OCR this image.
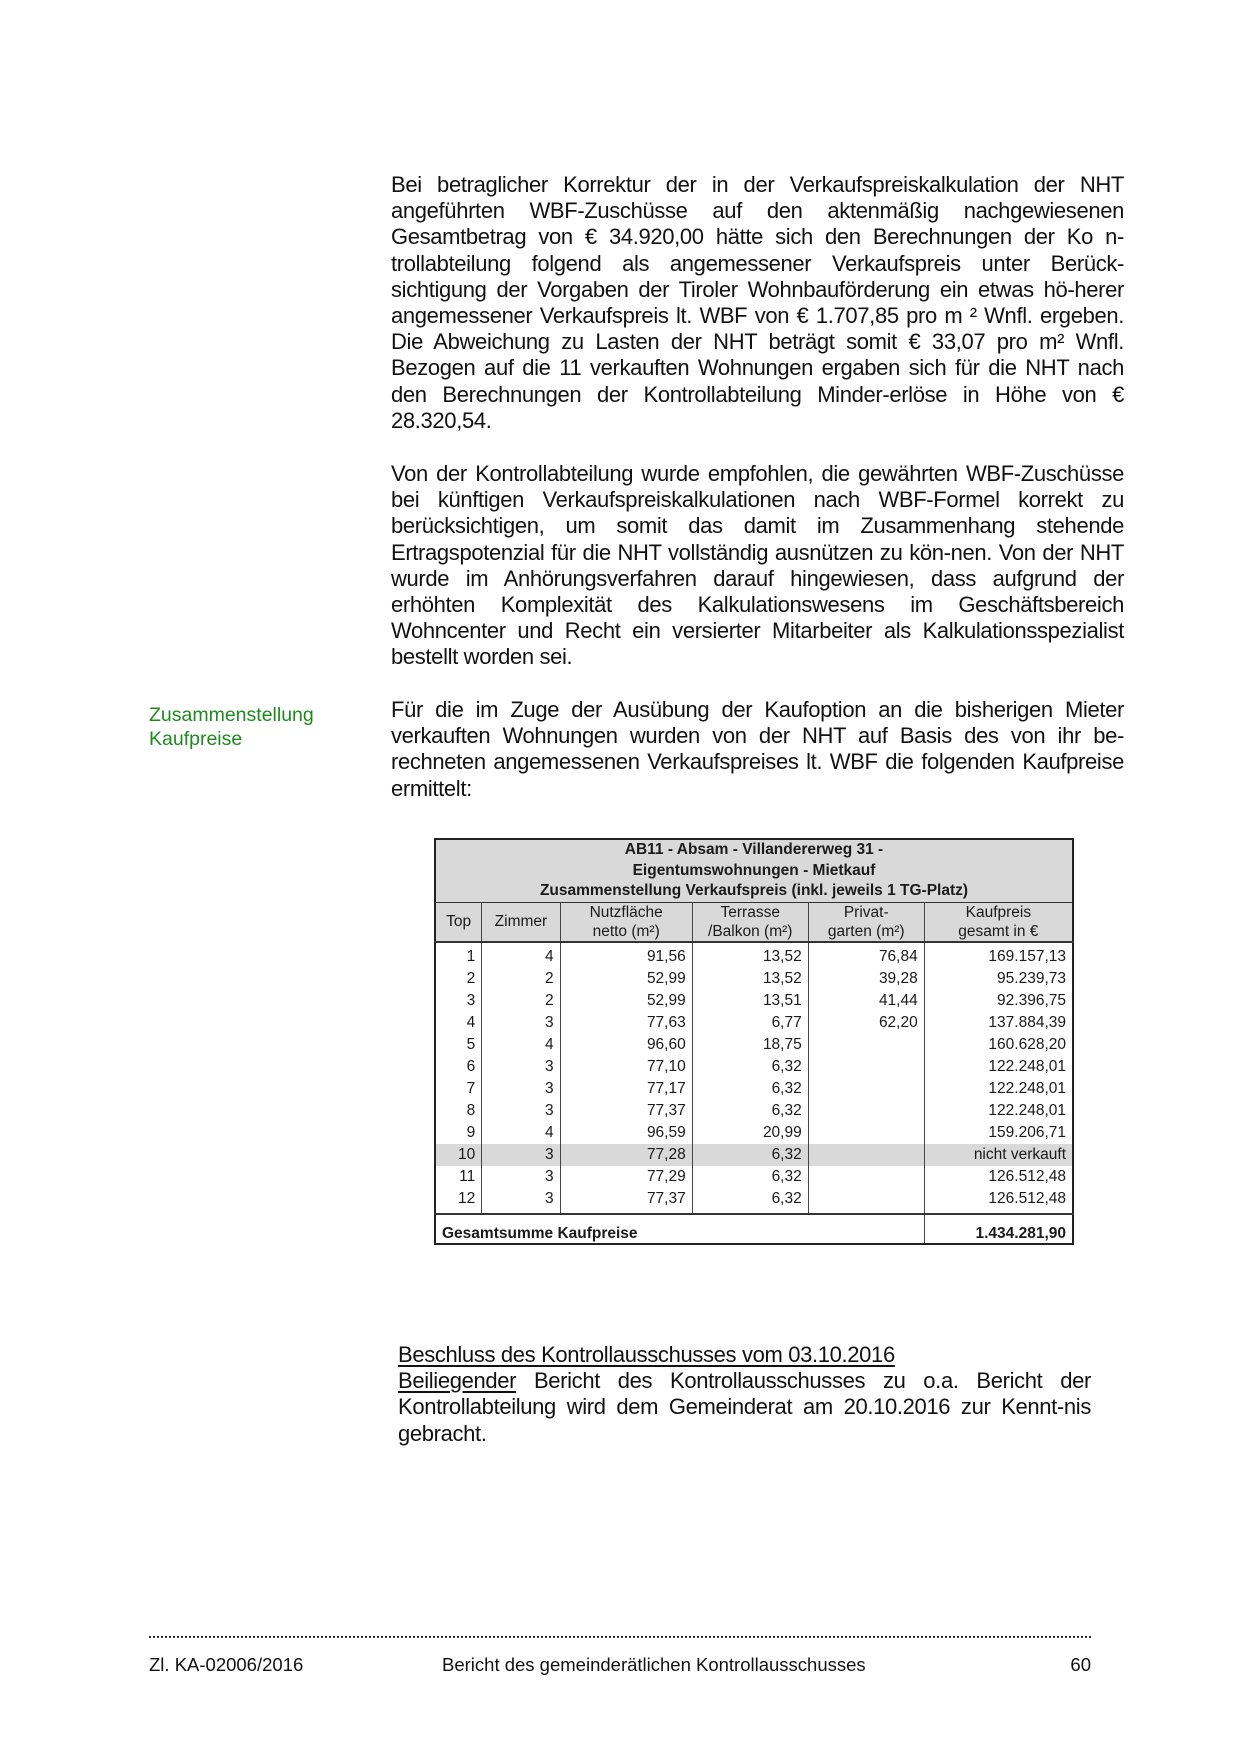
Bei betraglicher Korrektur der in der Verkaufspreiskalkulation der NHT angeführten WBF-Zuschüsse auf den aktenmäßig nachgewiesenen Gesamtbetrag von € 34.920,00 hätte sich den Berechnungen der Ko n-trollabteilung folgend als angemessener Verkaufspreis unter Berück-sichtigung der Vorgaben der Tiroler Wohnbauförderung ein etwas hö-herer angemessener Verkaufspreis lt. WBF von € 1.707,85 pro m ² Wnfl. ergeben. Die Abweichung zu Lasten der NHT beträgt somit € 33,07 pro m² Wnfl. Bezogen auf die 11 verkauften Wohnungen ergaben sich für die NHT nach den Berechnungen der Kontrollabteilung Minder-erlöse in Höhe von € 28.320,54.
Von der Kontrollabteilung wurde empfohlen, die gewährten WBF-Zuschüsse bei künftigen Verkaufspreiskalkulationen nach WBF-Formel korrekt zu berücksichtigen, um somit das damit im Zusammenhang stehende Ertragspotenzial für die NHT vollständig ausnützen zu kön-nen. Von der NHT wurde im Anhörungsverfahren darauf hingewiesen, dass aufgrund der erhöhten Komplexität des Kalkulationswesens im Geschäftsbereich Wohncenter und Recht ein versierter Mitarbeiter als Kalkulationsspezialist bestellt worden sei.
Zusammenstellung
Kaufpreise
Für die im Zuge der Ausübung der Kaufoption an die bisherigen Mieter verkauften Wohnungen wurden von der NHT auf Basis des von ihr be-rechneten angemessenen Verkaufspreises lt. WBF die folgenden Kaufpreise ermittelt:
AB11 - Absam - Villandererweg 31 -
Eigentumswohnungen - Mietkauf
Zusammenstellung Verkaufspreis (inkl. jeweils 1 TG-Platz)					

Top	Zimmer	
Nutzfläche
netto (m²)

Terrasse
/Balkon (m²)

Privat-
garten (m²)

Kaufpreis
gesamt in €

1	4	91,56	13,52	76,84	169.157,13
2	2	52,99	13,52	39,28	95.239,73
3	2	52,99	13,51	41,44	92.396,75
4	3	77,63	6,77	62,20	137.884,39
5	4	96,60	18,75		160.628,20
6	3	77,10	6,32		122.248,01
7	3	77,17	6,32		122.248,01
8	3	77,37	6,32		122.248,01
9	4	96,59	20,99		159.206,71
10	3	77,28	6,32		nicht verkauft
11	3	77,29	6,32		126.512,48
12	3	77,37	6,32		126.512,48
Gesamtsumme Kaufpreise					1.434.281,90
Beschluss des Kontrollausschusses vom 03.10.2016
Beiliegender Bericht des Kontrollausschusses zu o.a. Bericht der Kontrollabteilung wird dem Gemeinderat am 20.10.2016 zur Kennt-nis gebracht.
Zl. KA-02006/2016	Bericht des gemeinderätlichen Kontrollausschusses	60
